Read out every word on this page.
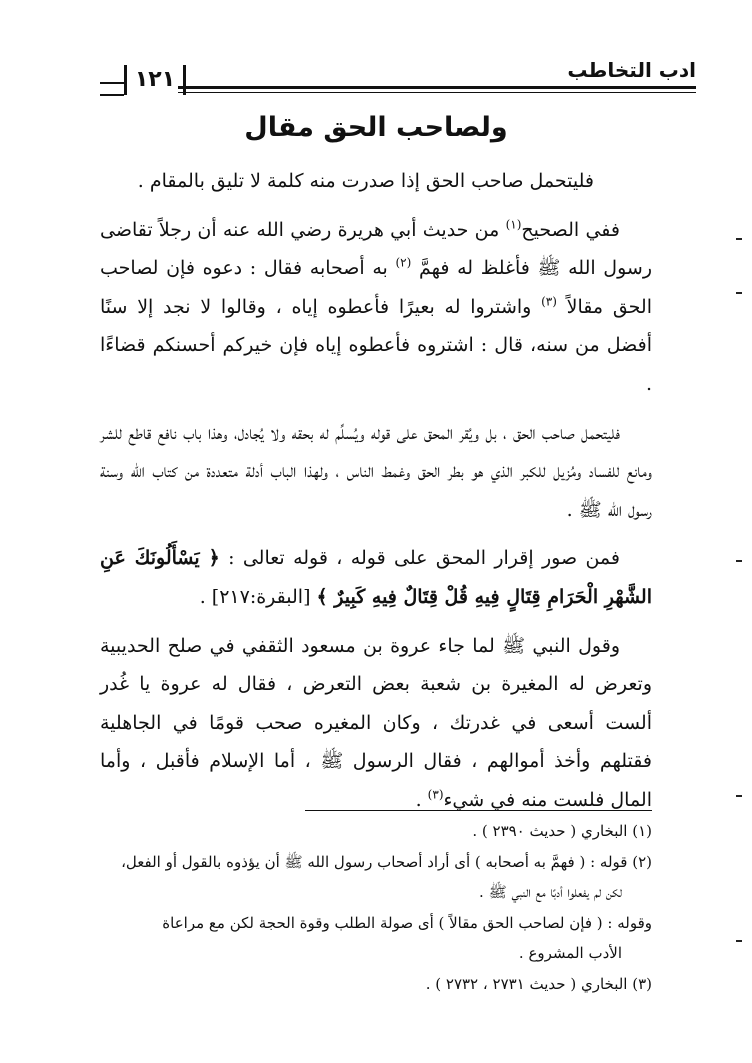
ادب التخاطب
١٢١
ولصاحب الحق مقال

فليتحمل صاحب الحق إذا صدرت منه كلمة لا تليق بالمقام .

ففي الصحيح$^{(١)}$ من حديث أبي هريرة رضي الله عنه أن رجلاً تقاضى رسول الله ﷺ فأغلظ له فهمَّ $^{(٢)}$ به أصحابه فقال : دعوه فإن لصاحب الحق مقالاً $^{(٣)}$ واشتروا له بعيرًا فأعطوه إياه ، وقالوا لا نجد إلا سنًا أفضل من سنه، قال : اشتروه فأعطوه إياه فإن خيركم أحسنكم قضاءًا .

فليتحمل صاحب الحق ، بل ويُقر المحق على قوله ويُسلِّم له بحقه ولا يُجادل، وهذا باب نافع قاطع للشر ومانع للفساد ومُزيل للكبر الذي هو بطر الحق وغمط الناس ، ولهذا الباب أدلة متعددة من كتاب الله وسنة رسول الله ﷺ .

فمن صور إقرار المحق على قوله ، قوله تعالى : ﴿ يَسْأَلُونَكَ عَنِ الشَّهْرِ الْحَرَامِ قِتَالٍ فِيهِ قُلْ قِتَالٌ فِيهِ كَبِيرٌ ﴾ [البقرة:٢١٧] .

وقول النبي ﷺ لما جاء عروة بن مسعود الثقفي في صلح الحديبية وتعرض له المغيرة بن شعبة بعض التعرض ، فقال له عروة يا غُدر ألست أسعى في غدرتك ، وكان المغيره صحب قومًا في الجاهلية فقتلهم وأخذ أموالهم ، فقال الرسول ﷺ ، أما الإسلام فأقبل ، وأما المال فلست منه في شيء$^{(٣)}$ .

(١) البخاري ( حديث ٢٣٩٠ ) .

(٢) قوله : ( فهمَّ به أصحابه ) أى أراد أصحاب رسول الله ﷺ أن يؤذوه بالقول أو الفعل،

لكن لم يفعلوا أدبًا مع النبي ﷺ .

وقوله : ( فإن لصاحب الحق مقالاً ) أى صولة الطلب وقوة الحجة لكن مع مراعاة

الأدب المشروع .

(٣) البخاري ( حديث ٢٧٣١ ، ٢٧٣٢ ) .
